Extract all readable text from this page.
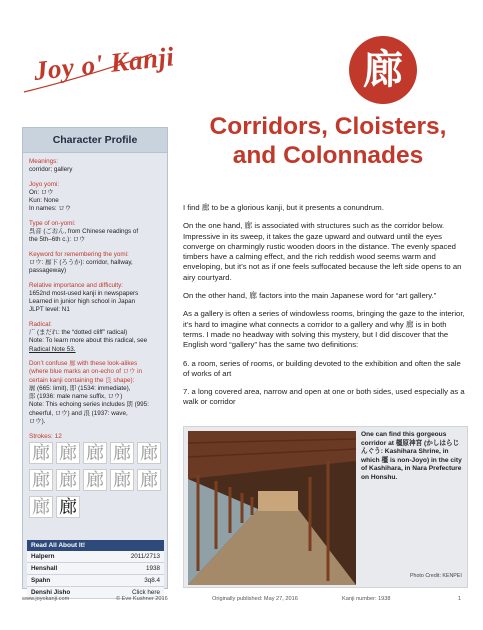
Joy o' Kanji	廊
Character Profile
Meanings:
corridor; gallery
Joyo yomi:
On: ロウ
Kun: None
In names: ロウ
Type of on-yomi:
呉音 (ごおん, from Chinese readings of
the 5th–6th c.): ロウ
Keyword for remembering the yomi:
ロウ: 廊下 (ろうか): corridor, hallway,
passageway)
Relative importance and difficulty:
1652nd most-used kanji in newspapers
Learned in junior high school in Japan
JLPT level: N1
Radical:
广 (まだれ: the “dotted cliff” radical)
Note: To learn more about this radical, see
Radical Note 53.
Don’t confuse 廊 with these look-alikes
(where blue marks an on-echo of ロウ in
certain kanji containing the 良 shape):
廓 (665: limit), 即 (1534: immediate),
郎 (1936: male name suffix, ロウ)
Note: This echoing series includes 朗 (995:
cheerful, ロウ) and 浪 (1937: wave,
ロウ).
Strokes: 12
廊 廊 廊 廊 廊
廊 廊 廊 廊 廊
廊 廊
Read All About It!
Halpern	2011/2713
Henshall	1938
Spahn	3q8.4
Denshi Jisho	Click here
Corridors, Cloisters,
and Colonnades

I find 廊 to be a glorious kanji, but it presents a conundrum.

On the one hand, 廊 is associated with structures such as the corridor below. Impressive in its sweep, it takes the gaze upward and outward until the eyes converge on charmingly rustic wooden doors in the distance. The evenly spaced timbers have a calming effect, and the rich reddish wood seems warm and enveloping, but it’s not as if one feels suffocated because the left side opens to an airy courtyard.

On the other hand, 廊 factors into the main Japanese word for “art gallery.”

As a gallery is often a series of windowless rooms, bringing the gaze to the interior, it’s hard to imagine what connects a corridor to a gallery and why 廊 is in both terms. I made no headway with solving this mystery, but I did discover that the English word “gallery” has the same two definitions:

6. a room, series of rooms, or building devoted to the exhibition and often the sale of works of art

7. a long covered area, narrow and open at one or both sides, used especially as a walk or corridor

Photo Credit: KENPEI
One can find this gorgeous corridor at 橿原神宮 (かしはらじんぐう: Kashihara Shrine, in which 橿 is non-Joyo) in the city of Kashihara, in Nara Prefecture on Honshu.
www.joyokanji.com	© Eve Kushner 2016	Originally published: May 27, 2016	Kanji number: 1938	1
